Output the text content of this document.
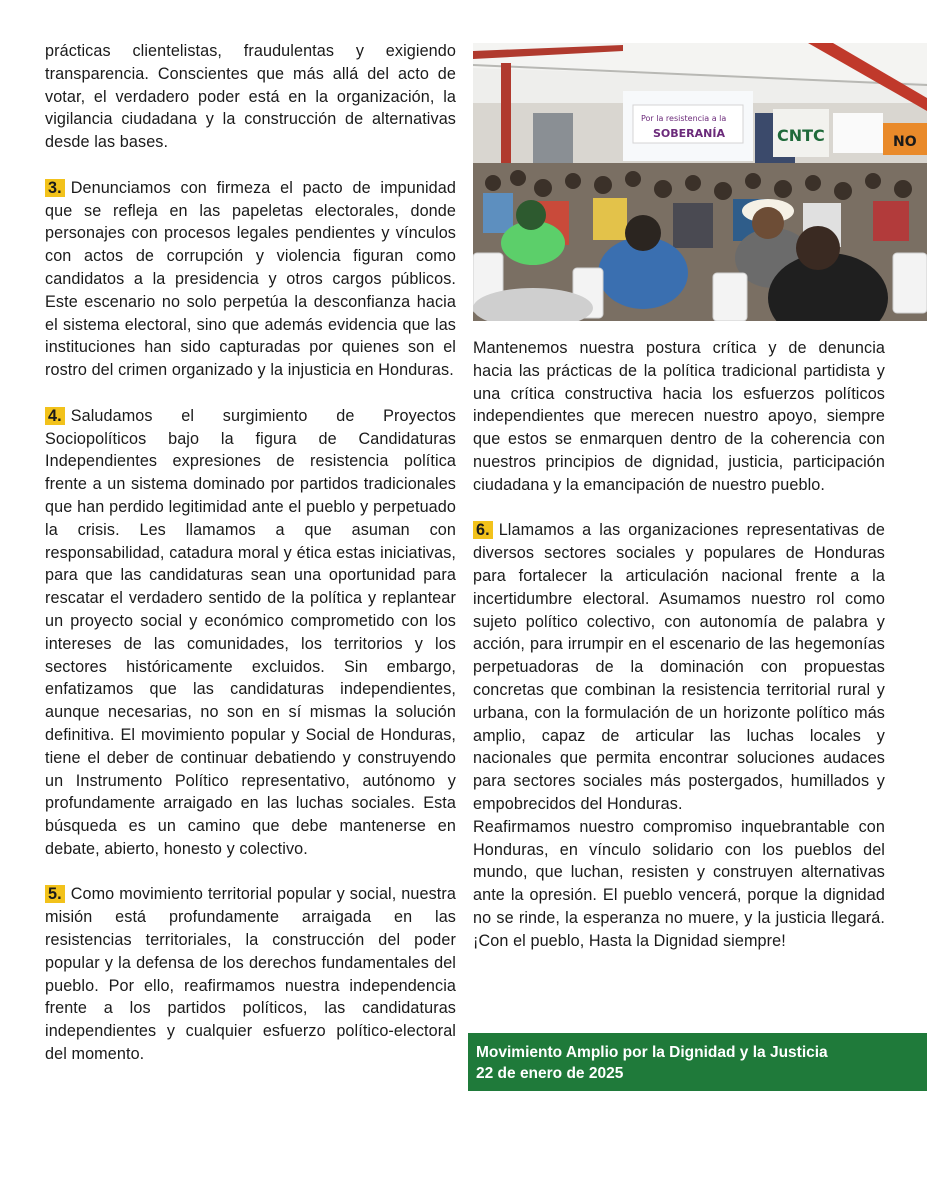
prácticas clientelistas, fraudulentas y exigiendo transparencia. Conscientes que más allá del acto de votar, el verdadero poder está en la organización, la vigilancia ciudadana y la construcción de alternativas desde las bases.

3. Denunciamos con firmeza el pacto de impunidad que se refleja en las papeletas electorales, donde personajes con procesos legales pendientes y vínculos con actos de corrupción y violencia figuran como candidatos a la presidencia y otros cargos públicos. Este escenario no solo perpetúa la desconfianza hacia el sistema electoral, sino que además evidencia que las instituciones han sido capturadas por quienes son el rostro del crimen organizado y la injusticia en Honduras.

4. Saludamos el surgimiento de Proyectos Sociopolíticos bajo la figura de Candidaturas Independientes expresiones de resistencia política frente a un sistema dominado por partidos tradicionales que han perdido legitimidad ante el pueblo y perpetuado la crisis. Les llamamos a que asuman con responsabilidad, catadura moral y ética estas iniciativas, para que las candidaturas sean una oportunidad para rescatar el verdadero sentido de la política y replantear un proyecto social y económico comprometido con los intereses de las comunidades, los territorios y los sectores históricamente excluidos. Sin embargo, enfatizamos que las candidaturas independientes, aunque necesarias, no son en sí mismas la solución definitiva. El movimiento popular y Social de Honduras, tiene el deber de continuar debatiendo y construyendo un Instrumento Político representativo, autónomo y profundamente arraigado en las luchas sociales. Esta búsqueda es un camino que debe mantenerse en debate, abierto, honesto y colectivo.

5. Como movimiento territorial popular y social, nuestra misión está profundamente arraigada en las resistencias territoriales, la construcción del poder popular y la defensa de los derechos fundamentales del pueblo. Por ello, reafirmamos nuestra independencia frente a los partidos políticos, las candidaturas independientes y cualquier esfuerzo político-electoral del momento.

Por la resistencia a la
SOBERANÍA	CNTC	NO

Mantenemos nuestra postura crítica y de denuncia hacia las prácticas de la política tradicional partidista y una crítica constructiva hacia los esfuerzos políticos independientes que merecen nuestro apoyo, siempre que estos se enmarquen dentro de la coherencia con nuestros principios de dignidad, justicia, participación ciudadana y la emancipación de nuestro pueblo.

6. Llamamos a las organizaciones representativas de diversos sectores sociales y populares de Honduras para fortalecer la articulación nacional frente a la incertidumbre electoral. Asumamos nuestro rol como sujeto político colectivo, con autonomía de palabra y acción, para irrumpir en el escenario de las hegemonías perpetuadoras de la dominación con propuestas concretas que combinan la resistencia territorial rural y urbana, con la formulación de un horizonte político más amplio, capaz de articular las luchas locales y nacionales que permita encontrar soluciones audaces para sectores sociales más postergados, humillados y empobrecidos del Honduras.

Reafirmamos nuestro compromiso inquebrantable con Honduras, en vínculo solidario con los pueblos del mundo, que luchan, resisten y construyen alternativas ante la opresión. El pueblo vencerá, porque la dignidad no se rinde, la esperanza no muere, y la justicia llegará. ¡Con el pueblo, Hasta la Dignidad siempre!

Movimiento Amplio por la Dignidad y la Justicia
22 de enero de 2025
